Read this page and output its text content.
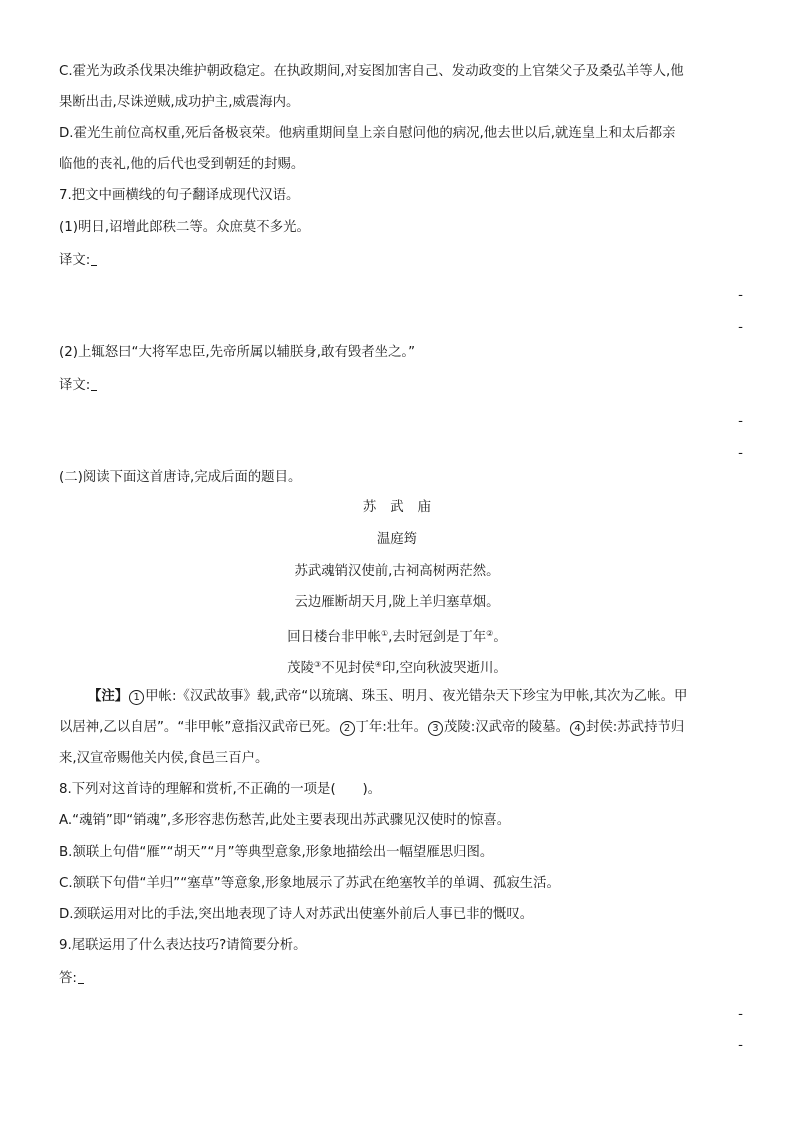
C.霍光为政杀伐果决维护朝政稳定。在执政期间,对妄图加害自己、发动政变的上官桀父子及桑弘羊等人,他
果断出击,尽诛逆贼,成功护主,威震海内。
D.霍光生前位高权重,死后备极哀荣。他病重期间皇上亲自慰问他的病况,他去世以后,就连皇上和太后都亲
临他的丧礼,他的后代也受到朝廷的封赐。
7.把文中画横线的句子翻译成现代汉语。
(1)明日,诏增此郎秩二等。众庶莫不多光。
译文:
-
-
(2)上辄怒曰“大将军忠臣,先帝所属以辅朕身,敢有毁者坐之。”
译文:
-
-
(二)阅读下面这首唐诗,完成后面的题目。
苏武庙
温庭筠
苏武魂销汉使前,古祠高树两茫然。
云边雁断胡天月,陇上羊归塞草烟。
回日楼台非甲帐①,去时冠剑是丁年②。
茂陵③不见封侯④印,空向秋波哭逝川。
【注】 1 甲帐:《汉武故事》载,武帝“以琉璃、珠玉、明月、夜光错杂天下珍宝为甲帐,其次为乙帐。甲
以居神,乙以自居”。“非甲帐”意指汉武帝已死。 2 丁年:壮年。 3 茂陵:汉武帝的陵墓。 4 封侯:苏武持节归
来,汉宣帝赐他关内侯,食邑三百户。
8.下列对这首诗的理解和赏析,不正确的一项是(　　)。
A.“魂销”即“销魂”,多形容悲伤愁苦,此处主要表现出苏武骤见汉使时的惊喜。
B.颔联上句借“雁”“胡天”“月”等典型意象,形象地描绘出一幅望雁思归图。
C.颔联下句借“羊归”“塞草”等意象,形象地展示了苏武在绝塞牧羊的单调、孤寂生活。
D.颈联运用对比的手法,突出地表现了诗人对苏武出使塞外前后人事已非的慨叹。
9.尾联运用了什么表达技巧?请简要分析。
答:
-
-
